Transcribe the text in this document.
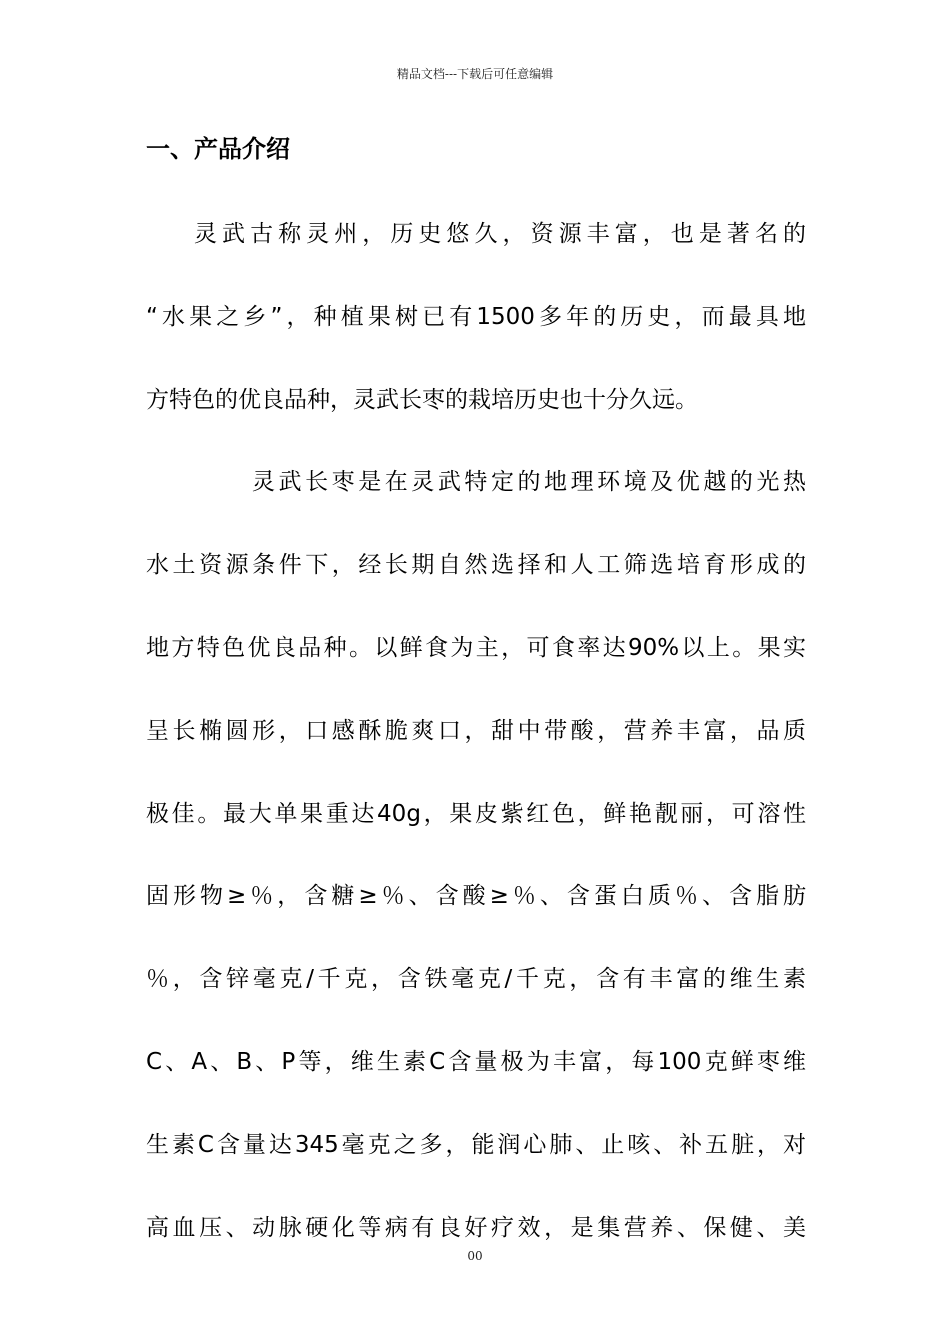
精品文档---下载后可任意编辑
一、产品介绍
灵武古称灵州，历史悠久，资源丰富，也是著名的
“水果之乡”，种植果树已有1500多年的历史，而最具地
方特色的优良品种，灵武长枣的栽培历史也十分久远。
灵武长枣是在灵武特定的地理环境及优越的光热
水土资源条件下，经长期自然选择和人工筛选培育形成的
地方特色优良品种。以鲜食为主，可食率达90%以上。果实
呈长椭圆形，口感酥脆爽口，甜中带酸，营养丰富，品质
极佳。最大单果重达40g，果皮紫红色，鲜艳靓丽，可溶性
固形物≥％，含糖≥％、含酸≥％、含蛋白质％、含脂肪
％，含锌毫克/千克，含铁毫克/千克，含有丰富的维生素
C、A、B、P等，维生素C含量极为丰富，每100克鲜枣维
生素C含量达345毫克之多，能润心肺、止咳、补五脏，对
高血压、动脉硬化等病有良好疗效，是集营养、保健、美
00
